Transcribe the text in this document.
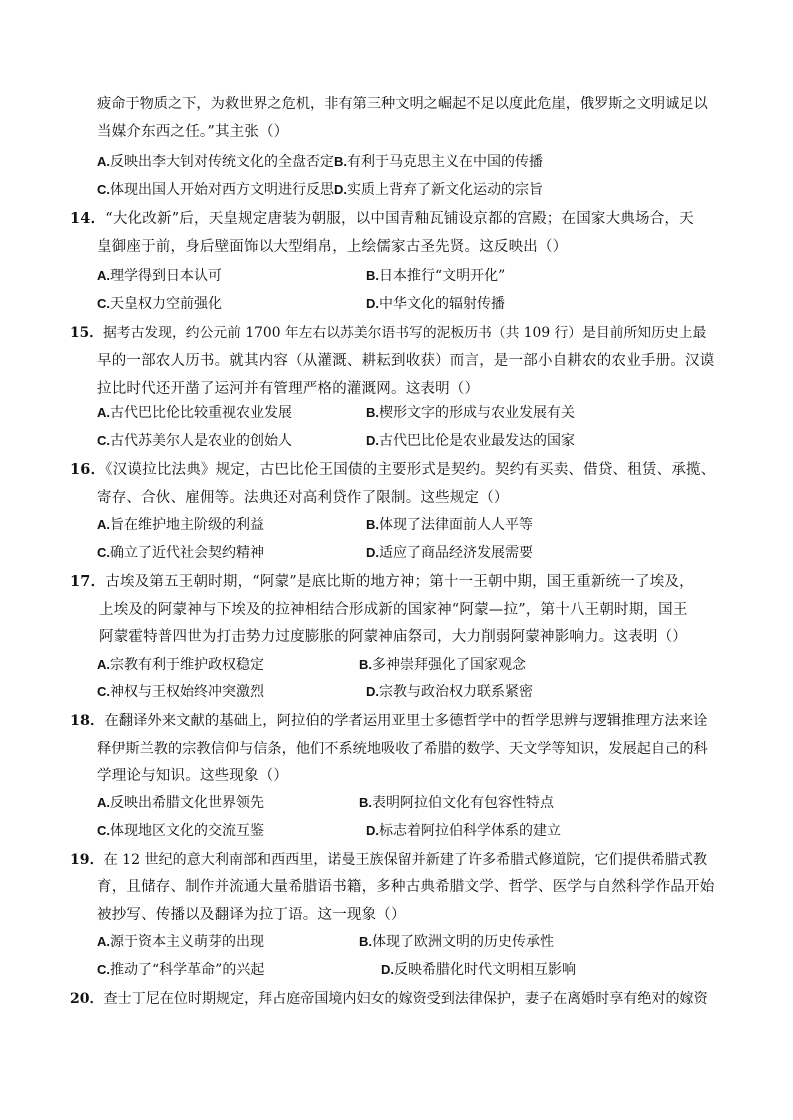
疲命于物质之下，为救世界之危机，非有第三种文明之崛起不足以度此危崖，俄罗斯之文明诚足以
当媒介东西之任。”其主张（）
A.反映出李大钊对传统文化的全盘否定B.有利于马克思主义在中国的传播
C.体现出国人开始对西方文明进行反思D.实质上背弃了新文化运动的宗旨
14．“大化改新”后，天皇规定唐装为朝服，以中国青釉瓦铺设京都的宫殿；在国家大典场合，天
皇御座于前，身后壁面饰以大型绢帛，上绘儒家古圣先贤。这反映出（）
A.理学得到日本认可	B.日本推行“文明开化”
C.天皇权力空前强化	D.中华文化的辐射传播
15．据考古发现，约公元前 1700 年左右以苏美尔语书写的泥板历书（共 109 行）是目前所知历史上最
早的一部农人历书。就其内容（从灌溉、耕耘到收获）而言，是一部小自耕农的农业手册。汉谟
拉比时代还开凿了运河并有管理严格的灌溉网。这表明（）
A.古代巴比伦比较重视农业发展	B.楔形文字的形成与农业发展有关
C.古代苏美尔人是农业的创始人	D.古代巴比伦是农业最发达的国家
16．《汉谟拉比法典》规定，古巴比伦王国债的主要形式是契约。契约有买卖、借贷、租赁、承揽、
寄存、合伙、雇佣等。法典还对高利贷作了限制。这些规定（）
A.旨在维护地主阶级的利益	B.体现了法律面前人人平等
C.确立了近代社会契约精神	D.适应了商品经济发展需要
17．古埃及第五王朝时期，“阿蒙”是底比斯的地方神；第十一王朝中期，国王重新统一了埃及，
上埃及的阿蒙神与下埃及的拉神相结合形成新的国家神“阿蒙—拉”，第十八王朝时期，国王
阿蒙霍特普四世为打击势力过度膨胀的阿蒙神庙祭司，大力削弱阿蒙神影响力。这表明（）
A.宗教有利于维护政权稳定	B.多神崇拜强化了国家观念
C.神权与王权始终冲突激烈	D.宗教与政治权力联系紧密
18．在翻译外来文献的基础上，阿拉伯的学者运用亚里士多德哲学中的哲学思辨与逻辑推理方法来诠
释伊斯兰教的宗教信仰与信条，他们不系统地吸收了希腊的数学、天文学等知识，发展起自己的科
学理论与知识。这些现象（）
A.反映出希腊文化世界领先	B.表明阿拉伯文化有包容性特点
C.体现地区文化的交流互鉴	D.标志着阿拉伯科学体系的建立
19．在 12 世纪的意大利南部和西西里，诺曼王族保留并新建了许多希腊式修道院，它们提供希腊式教
育，且储存、制作并流通大量希腊语书籍，多种古典希腊文学、哲学、医学与自然科学作品开始
被抄写、传播以及翻译为拉丁语。这一现象（）
A.源于资本主义萌芽的出现	B.体现了欧洲文明的历史传承性
C.推动了“科学革命”的兴起	D.反映希腊化时代文明相互影响
20．查士丁尼在位时期规定，拜占庭帝国境内妇女的嫁资受到法律保护，妻子在离婚时享有绝对的嫁资
